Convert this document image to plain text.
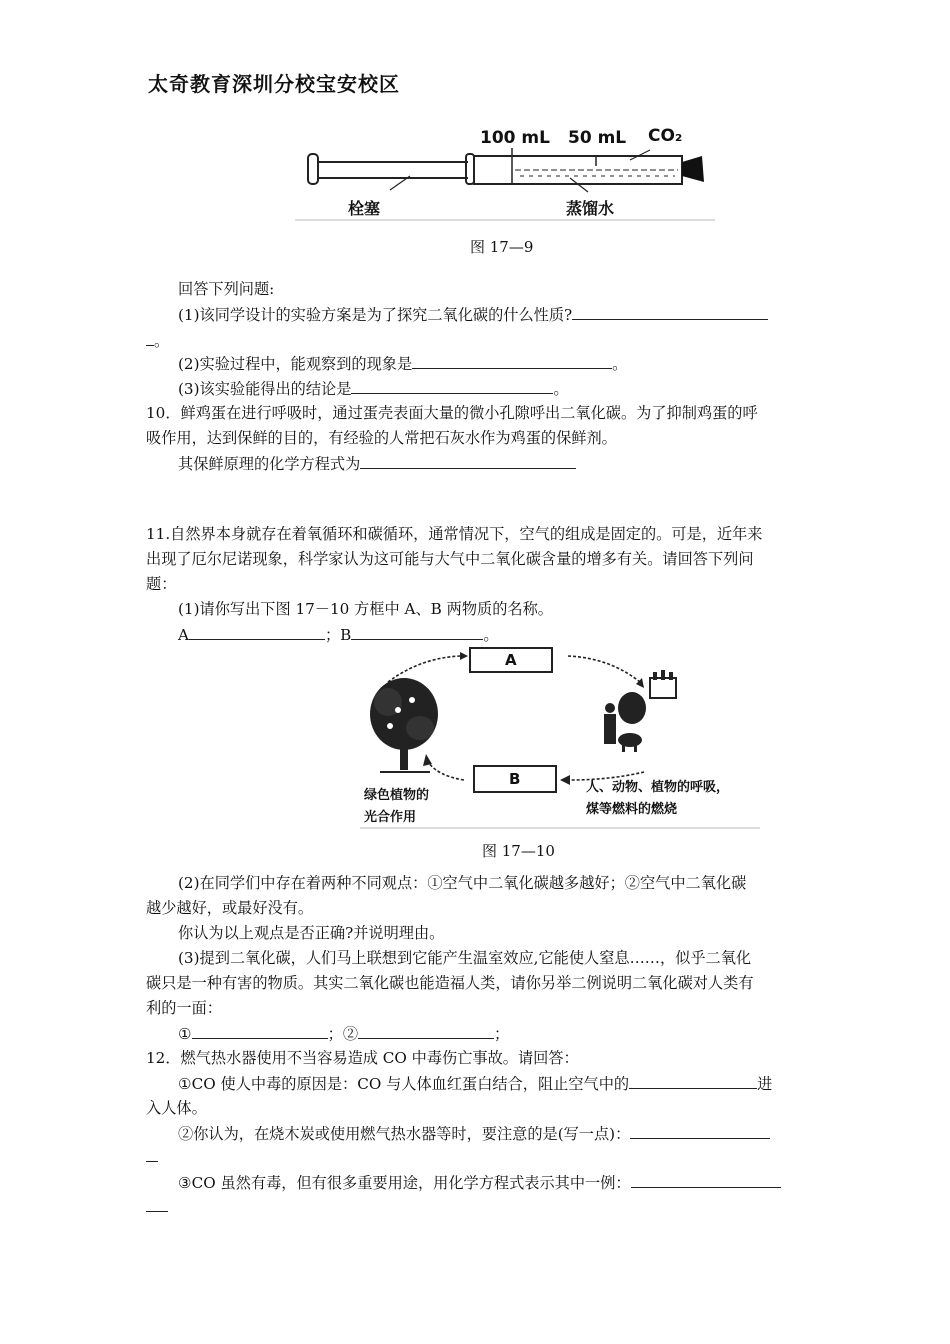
太奇教育深圳分校宝安校区
100 mL 50 mL CO₂
栓塞	蒸馏水
图 17—9
回答下列问题:
(1)该同学设计的实验方案是为了探究二氧化碳的什么性质?
。
(2)实验过程中，能观察到的现象是	。
(3)该实验能得出的结论是	。
10．鲜鸡蛋在进行呼吸时，通过蛋壳表面大量的微小孔隙呼出二氧化碳。为了抑制鸡蛋的呼
吸作用，达到保鲜的目的，有经验的人常把石灰水作为鸡蛋的保鲜剂。
其保鲜原理的化学方程式为
11.自然界本身就存在着氧循环和碳循环，通常情况下，空气的组成是固定的。可是，近年来
出现了厄尔尼诺现象，科学家认为这可能与大气中二氧化碳含量的增多有关。请回答下列问
题：
(1)请你写出下图 17－10 方框中 A、B 两物质的名称。
A	；B	。
A
B
绿色植物的
光合作用
人、动物、植物的呼吸，
煤等燃料的燃烧
图 17—10
(2)在同学们中存在着两种不同观点：①空气中二氧化碳越多越好；②空气中二氧化碳
越少越好，或最好没有。
你认为以上观点是否正确?并说明理由。
(3)提到二氧化碳，人们马上联想到它能产生温室效应,它能使人窒息……，似乎二氧化
碳只是一种有害的物质。其实二氧化碳也能造福人类，请你另举二例说明二氧化碳对人类有
利的一面：
①	；②	；
12．燃气热水器使用不当容易造成 CO 中毒伤亡事故。请回答：
①CO 使人中毒的原因是：CO 与人体血红蛋白结合，阻止空气中的	进
入人体。
②你认为，在烧木炭或使用燃气热水器等时，要注意的是(写一点)：
③CO 虽然有毒，但有很多重要用途，用化学方程式表示其中一例：
